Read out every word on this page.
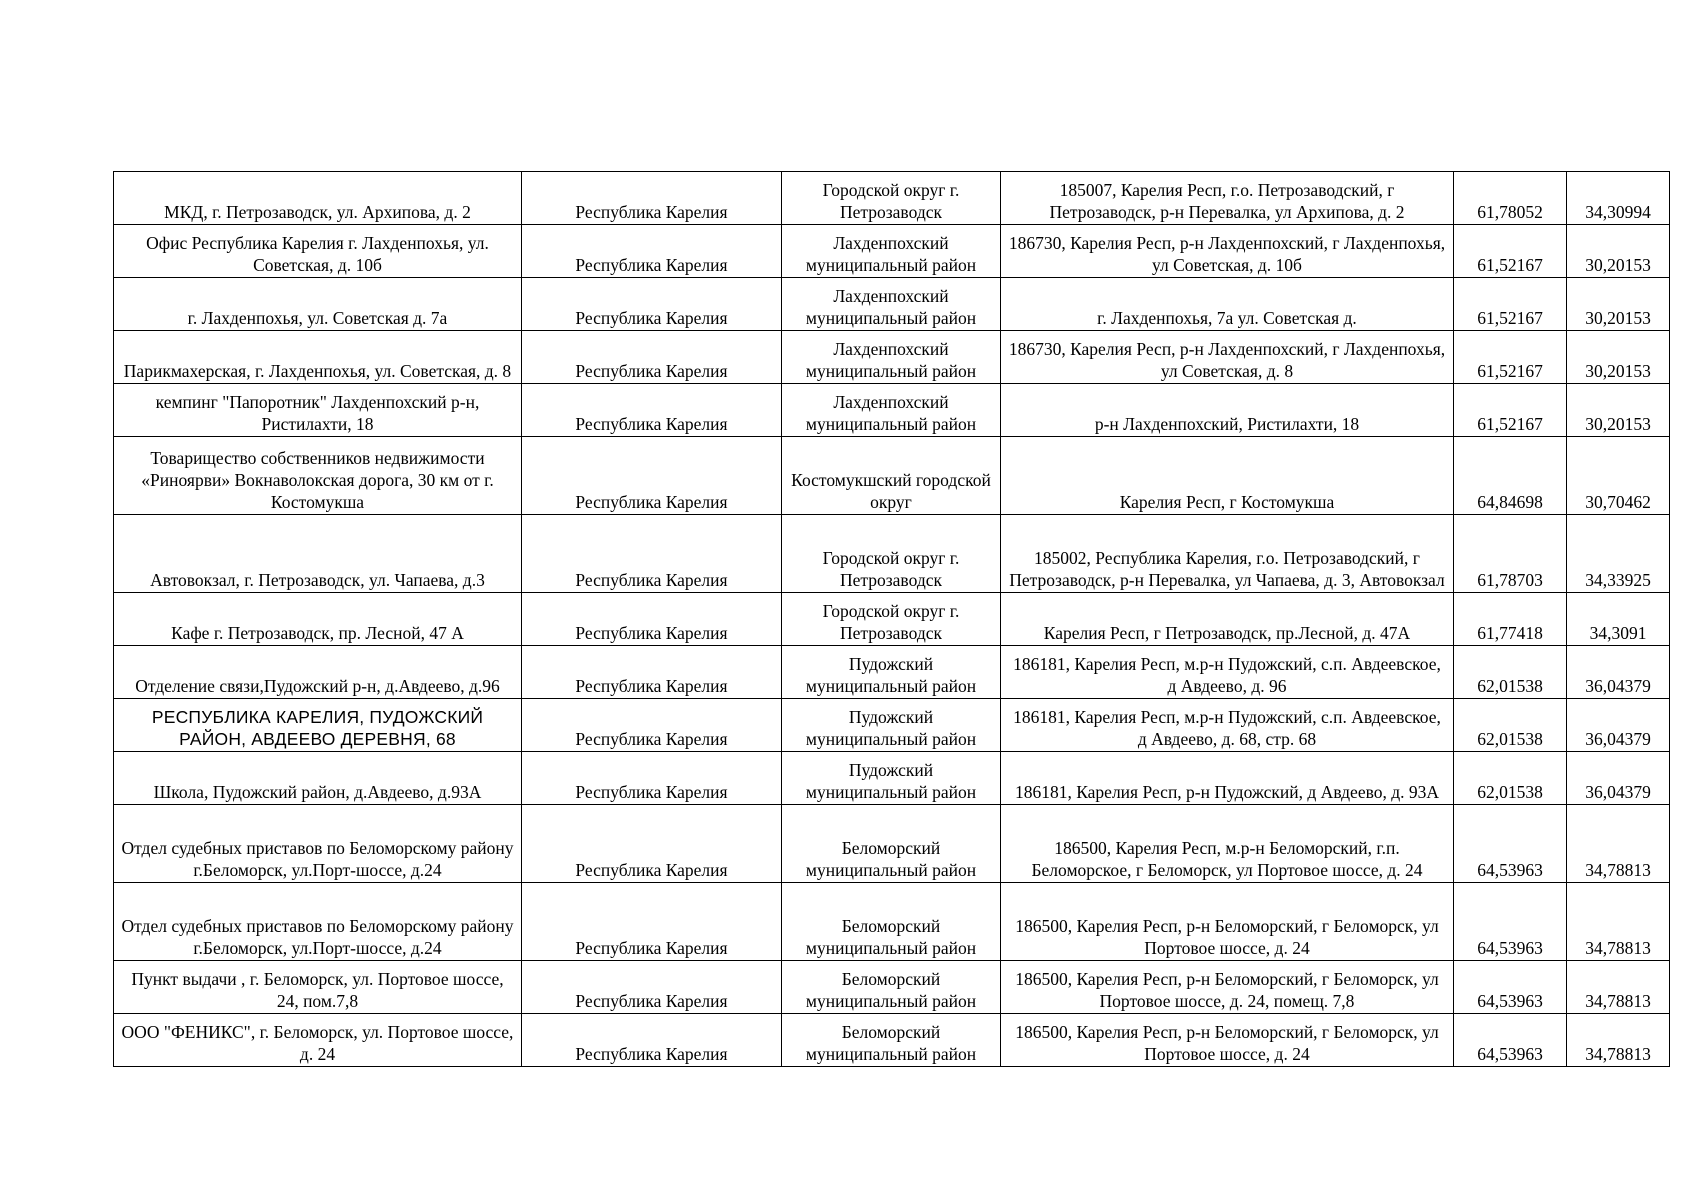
МКД, г. Петрозаводск, ул. Архипова, д. 2	Республика Карелия	Городской округ г. Петрозаводск	185007, Карелия Респ, г.о. Петрозаводский, г Петрозаводск, р-н Перевалка, ул Архипова, д. 2	61,78052	34,30994
Офис Республика Карелия г. Лахденпохья, ул. Советская, д. 10б	Республика Карелия	Лахденпохский муниципальный район	186730, Карелия Респ, р-н Лахденпохский, г Лахденпохья, ул Советская, д. 10б	61,52167	30,20153
г. Лахденпохья, ул. Советская д. 7а	Республика Карелия	Лахденпохский муниципальный район	г. Лахденпохья, 7а ул. Советская д.	61,52167	30,20153
Парикмахерская, г. Лахденпохья, ул. Советская, д. 8	Республика Карелия	Лахденпохский муниципальный район	186730, Карелия Респ, р-н Лахденпохский, г Лахденпохья, ул Советская, д. 8	61,52167	30,20153
кемпинг "Папоротник" Лахденпохский р-н, Ристилахти, 18	Республика Карелия	Лахденпохский муниципальный район	р-н Лахденпохский, Ристилахти, 18	61,52167	30,20153
Товарищество собственников недвижимости «Риноярви» Вокнаволокская дорога, 30 км от г. Костомукша	Республика Карелия	Костомукшский городской округ	Карелия Респ, г Костомукша	64,84698	30,70462
Автовокзал, г. Петрозаводск, ул. Чапаева, д.3	Республика Карелия	Городской округ г. Петрозаводск	185002, Республика Карелия, г.о. Петрозаводский, г Петрозаводск, р-н Перевалка, ул Чапаева, д. 3, Автовокзал	61,78703	34,33925
Кафе г. Петрозаводск, пр. Лесной, 47 А	Республика Карелия	Городской округ г. Петрозаводск	Карелия Респ, г Петрозаводск, пр.Лесной, д. 47А	61,77418	34,3091
Отделение связи,Пудожский р-н, д.Авдеево, д.96	Республика Карелия	Пудожский муниципальный район	186181, Карелия Респ, м.р-н Пудожский, с.п. Авдеевское, д Авдеево, д. 96	62,01538	36,04379
РЕСПУБЛИКА КАРЕЛИЯ, ПУДОЖСКИЙ РАЙОН, АВДЕЕВО ДЕРЕВНЯ, 68	Республика Карелия	Пудожский муниципальный район	186181, Карелия Респ, м.р-н Пудожский, с.п. Авдеевское, д Авдеево, д. 68, стр. 68	62,01538	36,04379
Школа, Пудожский район, д.Авдеево, д.93А	Республика Карелия	Пудожский муниципальный район	186181, Карелия Респ, р-н Пудожский, д Авдеево, д. 93А	62,01538	36,04379
Отдел судебных приставов по Беломорскому району г.Беломорск, ул.Порт-шоссе, д.24	Республика Карелия	Беломорский муниципальный район	186500, Карелия Респ, м.р-н Беломорский, г.п. Беломорское, г Беломорск, ул Портовое шоссе, д. 24	64,53963	34,78813
Отдел судебных приставов по Беломорскому району г.Беломорск, ул.Порт-шоссе, д.24	Республика Карелия	Беломорский муниципальный район	186500, Карелия Респ, р-н Беломорский, г Беломорск, ул Портовое шоссе, д. 24	64,53963	34,78813
Пункт выдачи , г. Беломорск, ул. Портовое шоссе, 24, пом.7,8	Республика Карелия	Беломорский муниципальный район	186500, Карелия Респ, р-н Беломорский, г Беломорск, ул Портовое шоссе, д. 24, помещ. 7,8	64,53963	34,78813
ООО "ФЕНИКС", г. Беломорск, ул. Портовое шоссе, д. 24	Республика Карелия	Беломорский муниципальный район	186500, Карелия Респ, р-н Беломорский, г Беломорск, ул Портовое шоссе, д. 24	64,53963	34,78813
